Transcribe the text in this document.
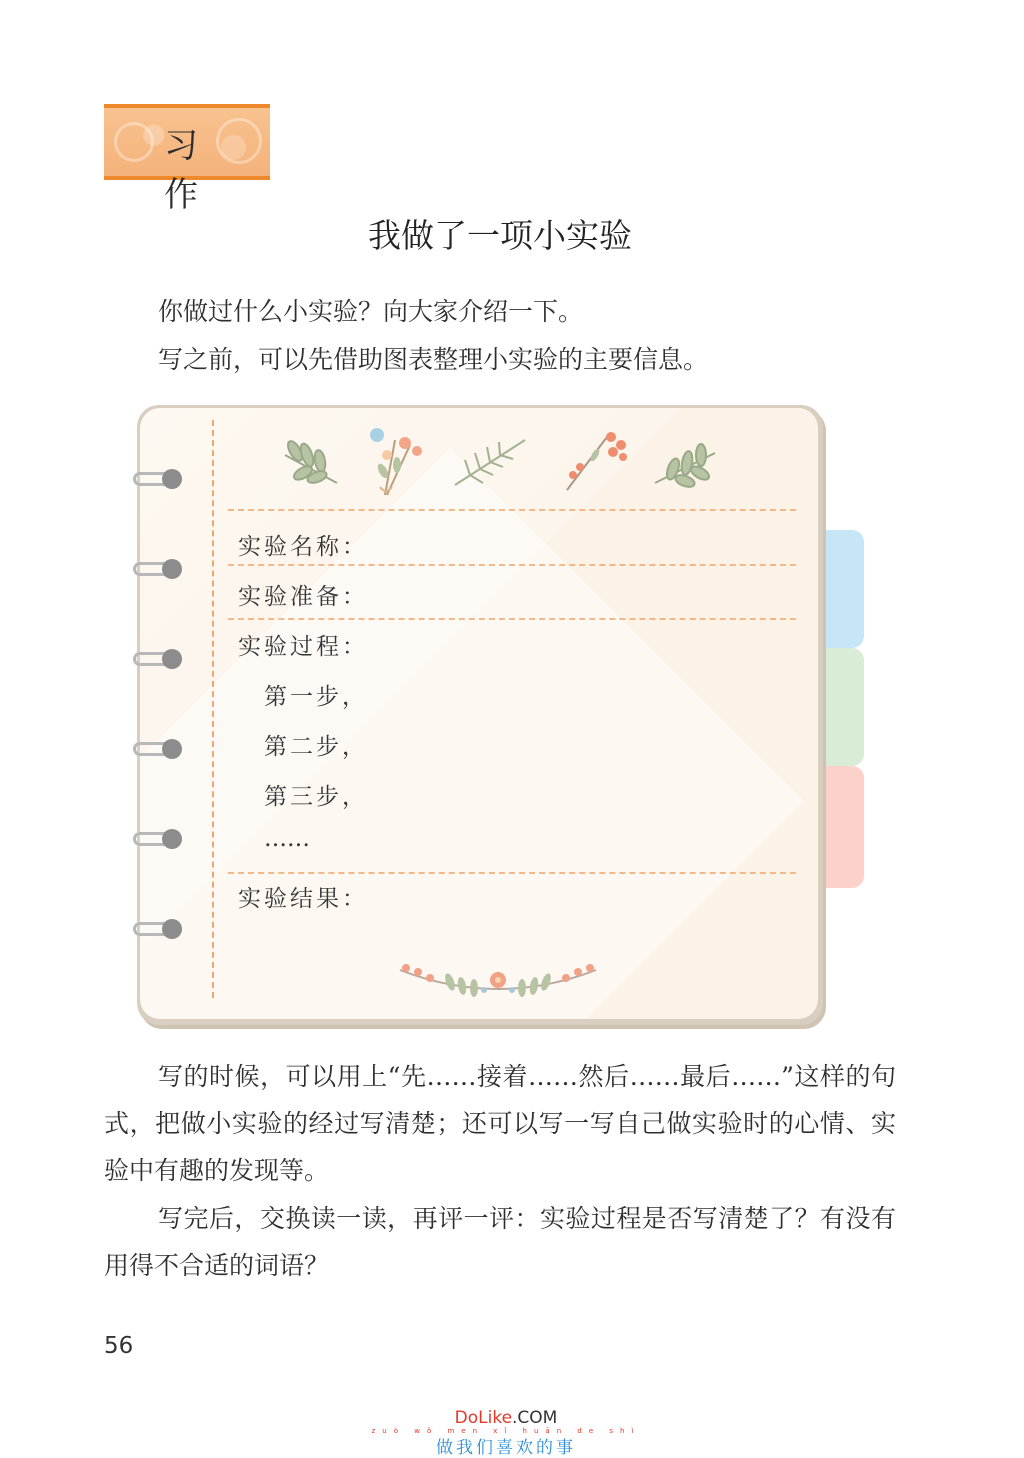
习 作
我做了一项小实验
你做过什么小实验？向大家介绍一下。
写之前，可以先借助图表整理小实验的主要信息。
实验名称：
实验准备：
实验过程：
第一步，
第二步，
第三步，
……
实验结果：
写的时候，可以用上“先……接着……然后……最后……”这样的句式，把做小实验的经过写清楚；还可以写一写自己做实验时的心情、实验中有趣的发现等。
写完后，交换读一读，再评一评：实验过程是否写清楚了？有没有用得不合适的词语？
56
DoLike.COM
zuò wǒ men xǐ huān de shì
做我们喜欢的事
